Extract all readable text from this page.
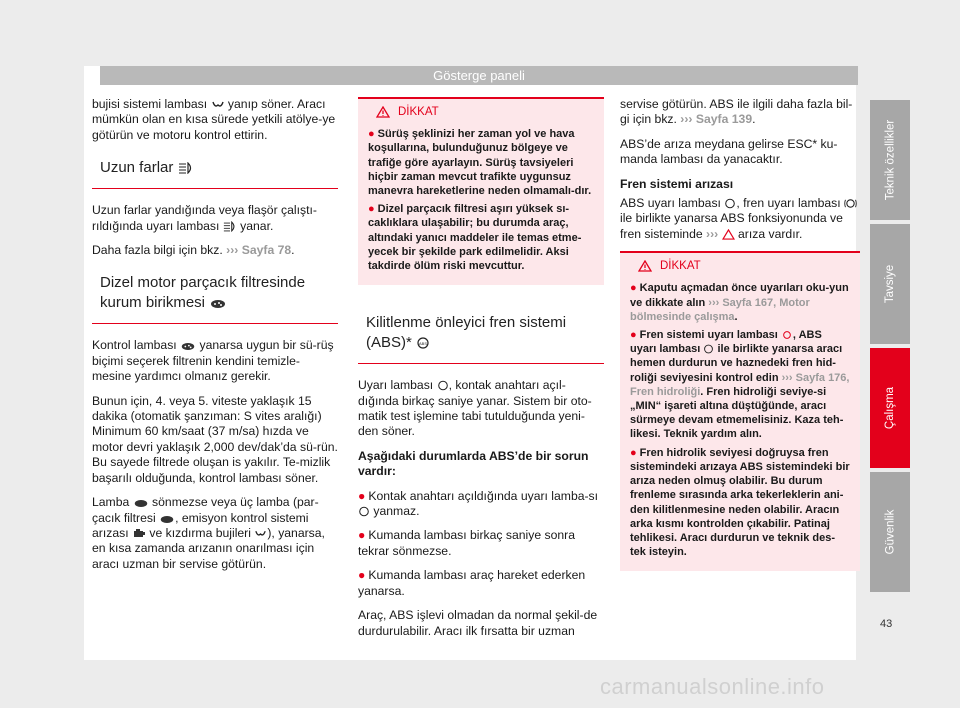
Gösterge paneli

bujisi sistemi lambası yanıp söner. Aracı mümkün olan en kısa sürede yetkili atölye-ye götürün ve motoru kontrol ettirin.

Uzun farlar

Uzun farlar yandığında veya flaşör çalıştı-rıldığında uyarı lambası yanar.

Daha fazla bilgi için bkz. ››› Sayfa 78.

Dizel motor parçacık filtresinde
kurum birikmesi

Kontrol lambası yanarsa uygun bir sü-rüş biçimi seçerek filtrenin kendini temizle-mesine yardımcı olmanız gerekir.

Bunun için, 4. veya 5. viteste yaklaşık 15 dakika (otomatik şanzıman: S vites aralığı) Minimum 60 km/saat (37 m/sa) hızda ve motor devri yaklaşık 2,000 dev/dak’da sü-rün. Bu sayede filtrede oluşan is yakılır. Te-mizlik başarılı olduğunda, kontrol lambası söner.

Lamba sönmezse veya üç lamba (par-çacık filtresi , emisyon kontrol sistemi arızası ve kızdırma bujileri ), yanarsa, en kısa zamanda arızanın onarılması için aracı uzman bir servise götürün.

DİKKAT
● Sürüş şeklinizi her zaman yol ve hava koşullarına, bulunduğunuz bölgeye ve trafiğe göre ayarlayın. Sürüş tavsiyeleri hiçbir zaman mevcut trafikte uygunsuz manevra hareketlerine neden olmamalı-dır.
● Dizel parçacık filtresi aşırı yüksek sı-caklıklara ulaşabilir; bu durumda araç, altındaki yanıcı maddeler ile temas etme-yecek bir şekilde park edilmelidir. Aksi takdirde ölüm riski mevcuttur.
Kilitlenme önleyici fren sistemi (ABS)* ABS

Uyarı lambası , kontak anahtarı açıl-dığında birkaç saniye yanar. Sistem bir oto-matik test işlemine tabi tutulduğunda yeni-den söner.

Aşağıdaki durumlarda ABS’de bir sorun vardır:

● Kontak anahtarı açıldığında uyarı lamba-sı  yanmaz.

● Kumanda lambası birkaç saniye sonra tekrar sönmezse.

● Kumanda lambası araç hareket ederken yanarsa.

Araç, ABS işlevi olmadan da normal şekil-de durdurulabilir. Aracı ilk fırsatta bir uzman

servise götürün. ABS ile ilgili daha fazla bil-gi için bkz. ››› Sayfa 139.

ABS’de arıza meydana gelirse ESC* ku-manda lambası da yanacaktır.

Fren sistemi arızası

ABS uyarı lambası , fren uyarı lambası  ile birlikte yanarsa ABS fonksiyonunda ve fren sisteminde ››› arıza vardır.

DİKKAT
● Kaputu açmadan önce uyarıları oku-yun ve dikkate alın ››› Sayfa 167, Motor bölmesinde çalışma.
● Fren sistemi uyarı lambası , ABS uyarı lambası ile birlikte yanarsa aracı hemen durdurun ve haznedeki fren hid-roliği seviyesini kontrol edin ››› Sayfa 176, Fren hidroliği. Fren hidroliği seviye-si „MIN“ işareti altına düştüğünde, aracı sürmeye devam etmemelisiniz. Kaza teh-likesi. Teknik yardım alın.
● Fren hidrolik seviyesi doğruysa fren sistemindeki arızaya ABS sistemindeki bir arıza neden olmuş olabilir. Bu durum frenleme sırasında arka tekerleklerin ani-den kilitlenmesine neden olabilir. Aracın arka kısmı kontrolden çıkabilir. Patinaj tehlikesi. Aracı durdurun ve teknik des-tek isteyin.
Teknik özellikler
Tavsiye
Çalışma
Güvenlik
43
carmanualsonline.info
